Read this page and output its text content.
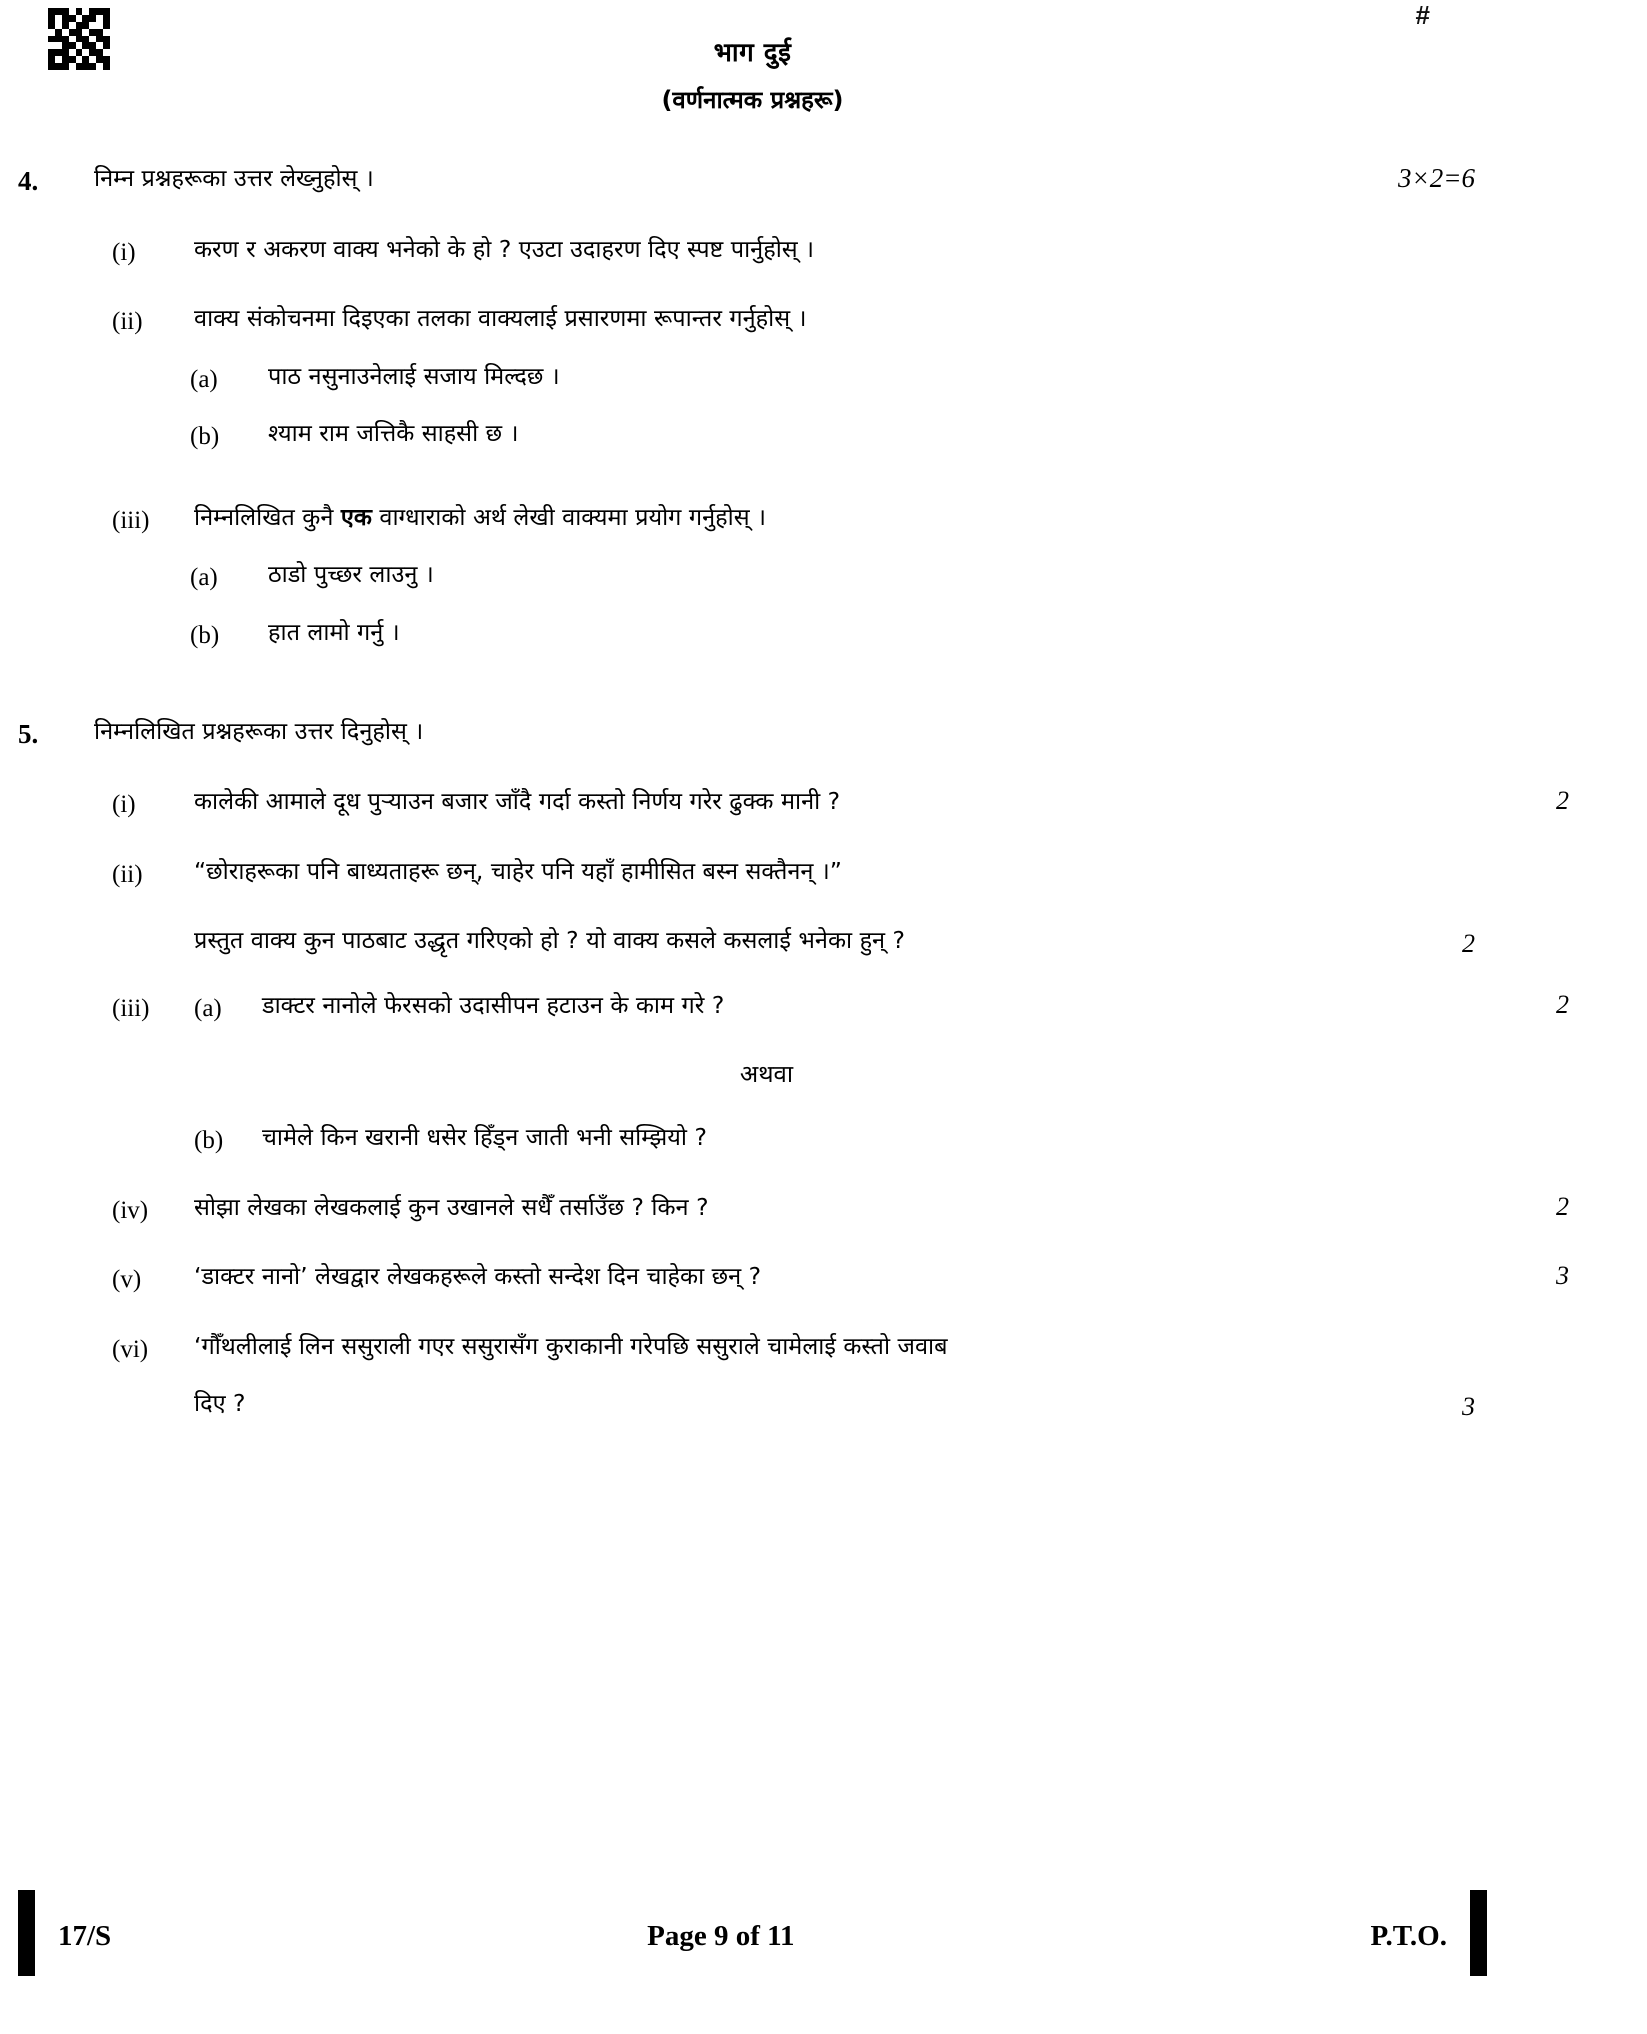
#
भाग दुई
(वर्णनात्मक प्रश्नहरू)
4.	निम्न प्रश्नहरूका उत्तर लेख्नुहोस् ।	3×2=6
(i)	करण र अकरण वाक्य भनेको के हो ? एउटा उदाहरण दिए स्पष्ट पार्नुहोस् ।
(ii)	वाक्य संकोचनमा दिइएका तलका वाक्यलाई प्रसारणमा रूपान्तर गर्नुहोस् ।
(a)	पाठ नसुनाउनेलाई सजाय मिल्दछ ।
(b)	श्याम राम जत्तिकै साहसी छ ।
(iii)	निम्नलिखित कुनै एक वाग्धाराको अर्थ लेखी वाक्यमा प्रयोग गर्नुहोस् ।
(a)	ठाडो पुच्छर लाउनु ।
(b)	हात लामो गर्नु ।
5.	निम्नलिखित प्रश्नहरूका उत्तर दिनुहोस् ।
(i)	कालेकी आमाले दूध पुऱ्याउन बजार जाँदै गर्दा कस्तो निर्णय गरेर ढुक्क मानी ?	2
(ii)	“छोराहरूका पनि बाध्यताहरू छन्, चाहेर पनि यहाँ हामीसित बस्न सक्तैनन् ।”
प्रस्तुत वाक्य कुन पाठबाट उद्धृत गरिएको हो ? यो वाक्य कसले कसलाई भनेका हुन् ?	2
(iii)	(a)	डाक्टर नानोले फेरसको उदासीपन हटाउन के काम गरे ?	2
अथवा
(b)	चामेले किन खरानी धसेर हिँड्न जाती भनी सम्झियो ?
(iv)	सोझा लेखका लेखकलाई कुन उखानले सधैँ तर्साउँछ ? किन ?	2
(v)	‘डाक्टर नानो’ लेखद्वार लेखकहरूले कस्तो सन्देश दिन चाहेका छन् ?	3
(vi)	‘गौँथलीलाई लिन ससुराली गएर ससुरासँग कुराकानी गरेपछि ससुराले चामेलाई कस्तो जवाब
दिए ?	3
17/S	Page 9 of 11	P.T.O.
